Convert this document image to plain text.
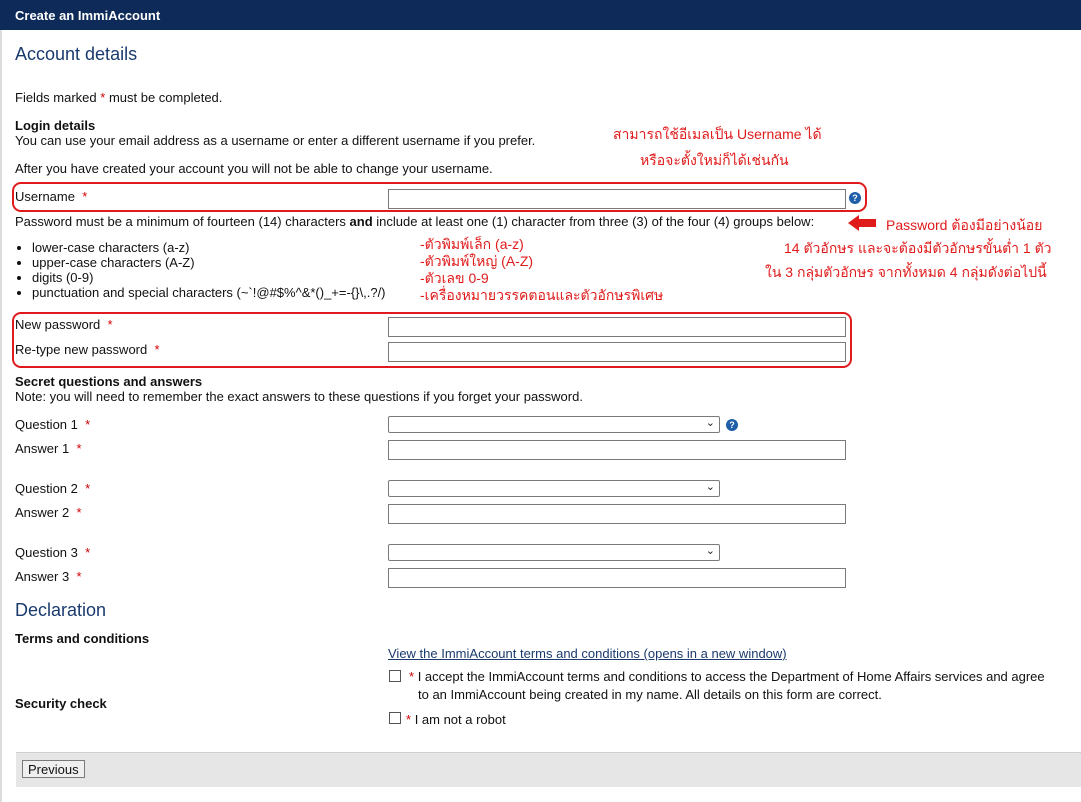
Create an ImmiAccount
Account details
Fields marked * must be completed.
Login details
You can use your email address as a username or enter a different username if you prefer.
After you have created your account you will not be able to change your username.
Username *	?
Password must be a minimum of fourteen (14) characters and include at least one (1) character from three (3) of the four (4) groups below:
• lower-case characters (a-z)
• upper-case characters (A-Z)
• digits (0-9)
• punctuation and special characters (~`!@#$%^&*()_+=-{}\,.?/)
New password *
Re-type new password *
Secret questions and answers
Note: you will need to remember the exact answers to these questions if you forget your password.
Question 1 *	⌄	?
Answer 1 *
Question 2 *	⌄
Answer 2 *
Question 3 *	⌄
Answer 3 *
Declaration
Terms and conditions
View the ImmiAccount terms and conditions (opens in a new window)
* I accept the ImmiAccount terms and conditions to access the Department of Home Affairs services and agree
to an ImmiAccount being created in my name. All details on this form are correct.
Security check
* I am not a robot
Previous
สามารถใช้อีเมลเป็น Username ได้
หรือจะตั้งใหม่ก็ได้เช่นกัน
-ตัวพิมพ์เล็ก (a-z)
-ตัวพิมพ์ใหญ่ (A-Z)
-ตัวเลข 0-9
-เครื่องหมายวรรคตอนและตัวอักษรพิเศษ
Password ต้องมีอย่างน้อย
14 ตัวอักษร และจะต้องมีตัวอักษรขั้นต่ำ 1 ตัว
ใน 3 กลุ่มตัวอักษร จากทั้งหมด 4 กลุ่มดังต่อไปนี้
